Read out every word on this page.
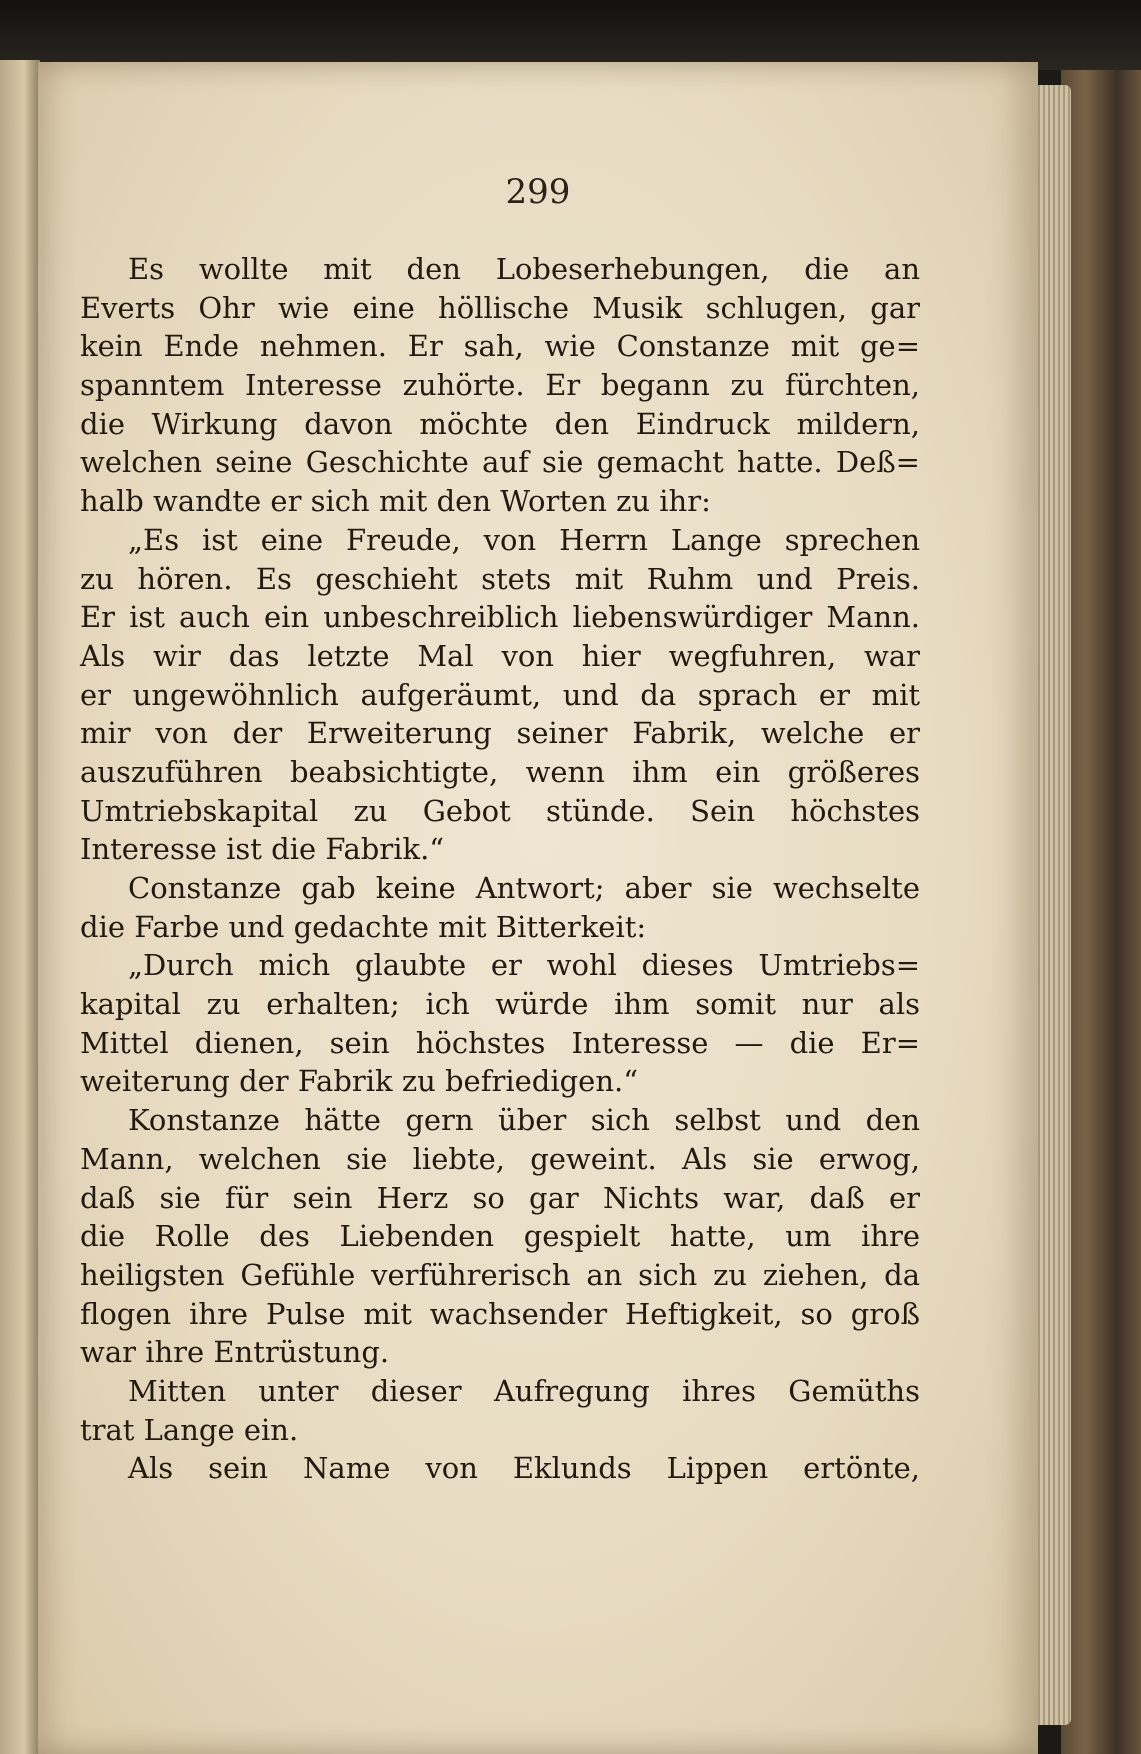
299
Es wollte mit den Lobeserhebungen, die an
Everts Ohr wie eine höllische Musik schlugen, gar
kein Ende nehmen. Er sah, wie Constanze mit ge=
spanntem Interesse zuhörte. Er begann zu fürchten,
die Wirkung davon möchte den Eindruck mildern,
welchen seine Geschichte auf sie gemacht hatte. Deß=
halb wandte er sich mit den Worten zu ihr:
„Es ist eine Freude, von Herrn Lange sprechen
zu hören. Es geschieht stets mit Ruhm und Preis.
Er ist auch ein unbeschreiblich liebenswürdiger Mann.
Als wir das letzte Mal von hier wegfuhren, war
er ungewöhnlich aufgeräumt, und da sprach er mit
mir von der Erweiterung seiner Fabrik, welche er
auszuführen beabsichtigte, wenn ihm ein größeres
Umtriebskapital zu Gebot stünde. Sein höchstes
Interesse ist die Fabrik.“
Constanze gab keine Antwort; aber sie wechselte
die Farbe und gedachte mit Bitterkeit:
„Durch mich glaubte er wohl dieses Umtriebs=
kapital zu erhalten; ich würde ihm somit nur als
Mittel dienen, sein höchstes Interesse — die Er=
weiterung der Fabrik zu befriedigen.“
Konstanze hätte gern über sich selbst und den
Mann, welchen sie liebte, geweint. Als sie erwog,
daß sie für sein Herz so gar Nichts war, daß er
die Rolle des Liebenden gespielt hatte, um ihre
heiligsten Gefühle verführerisch an sich zu ziehen, da
flogen ihre Pulse mit wachsender Heftigkeit, so groß
war ihre Entrüstung.
Mitten unter dieser Aufregung ihres Gemüths
trat Lange ein.
Als sein Name von Eklunds Lippen ertönte,
